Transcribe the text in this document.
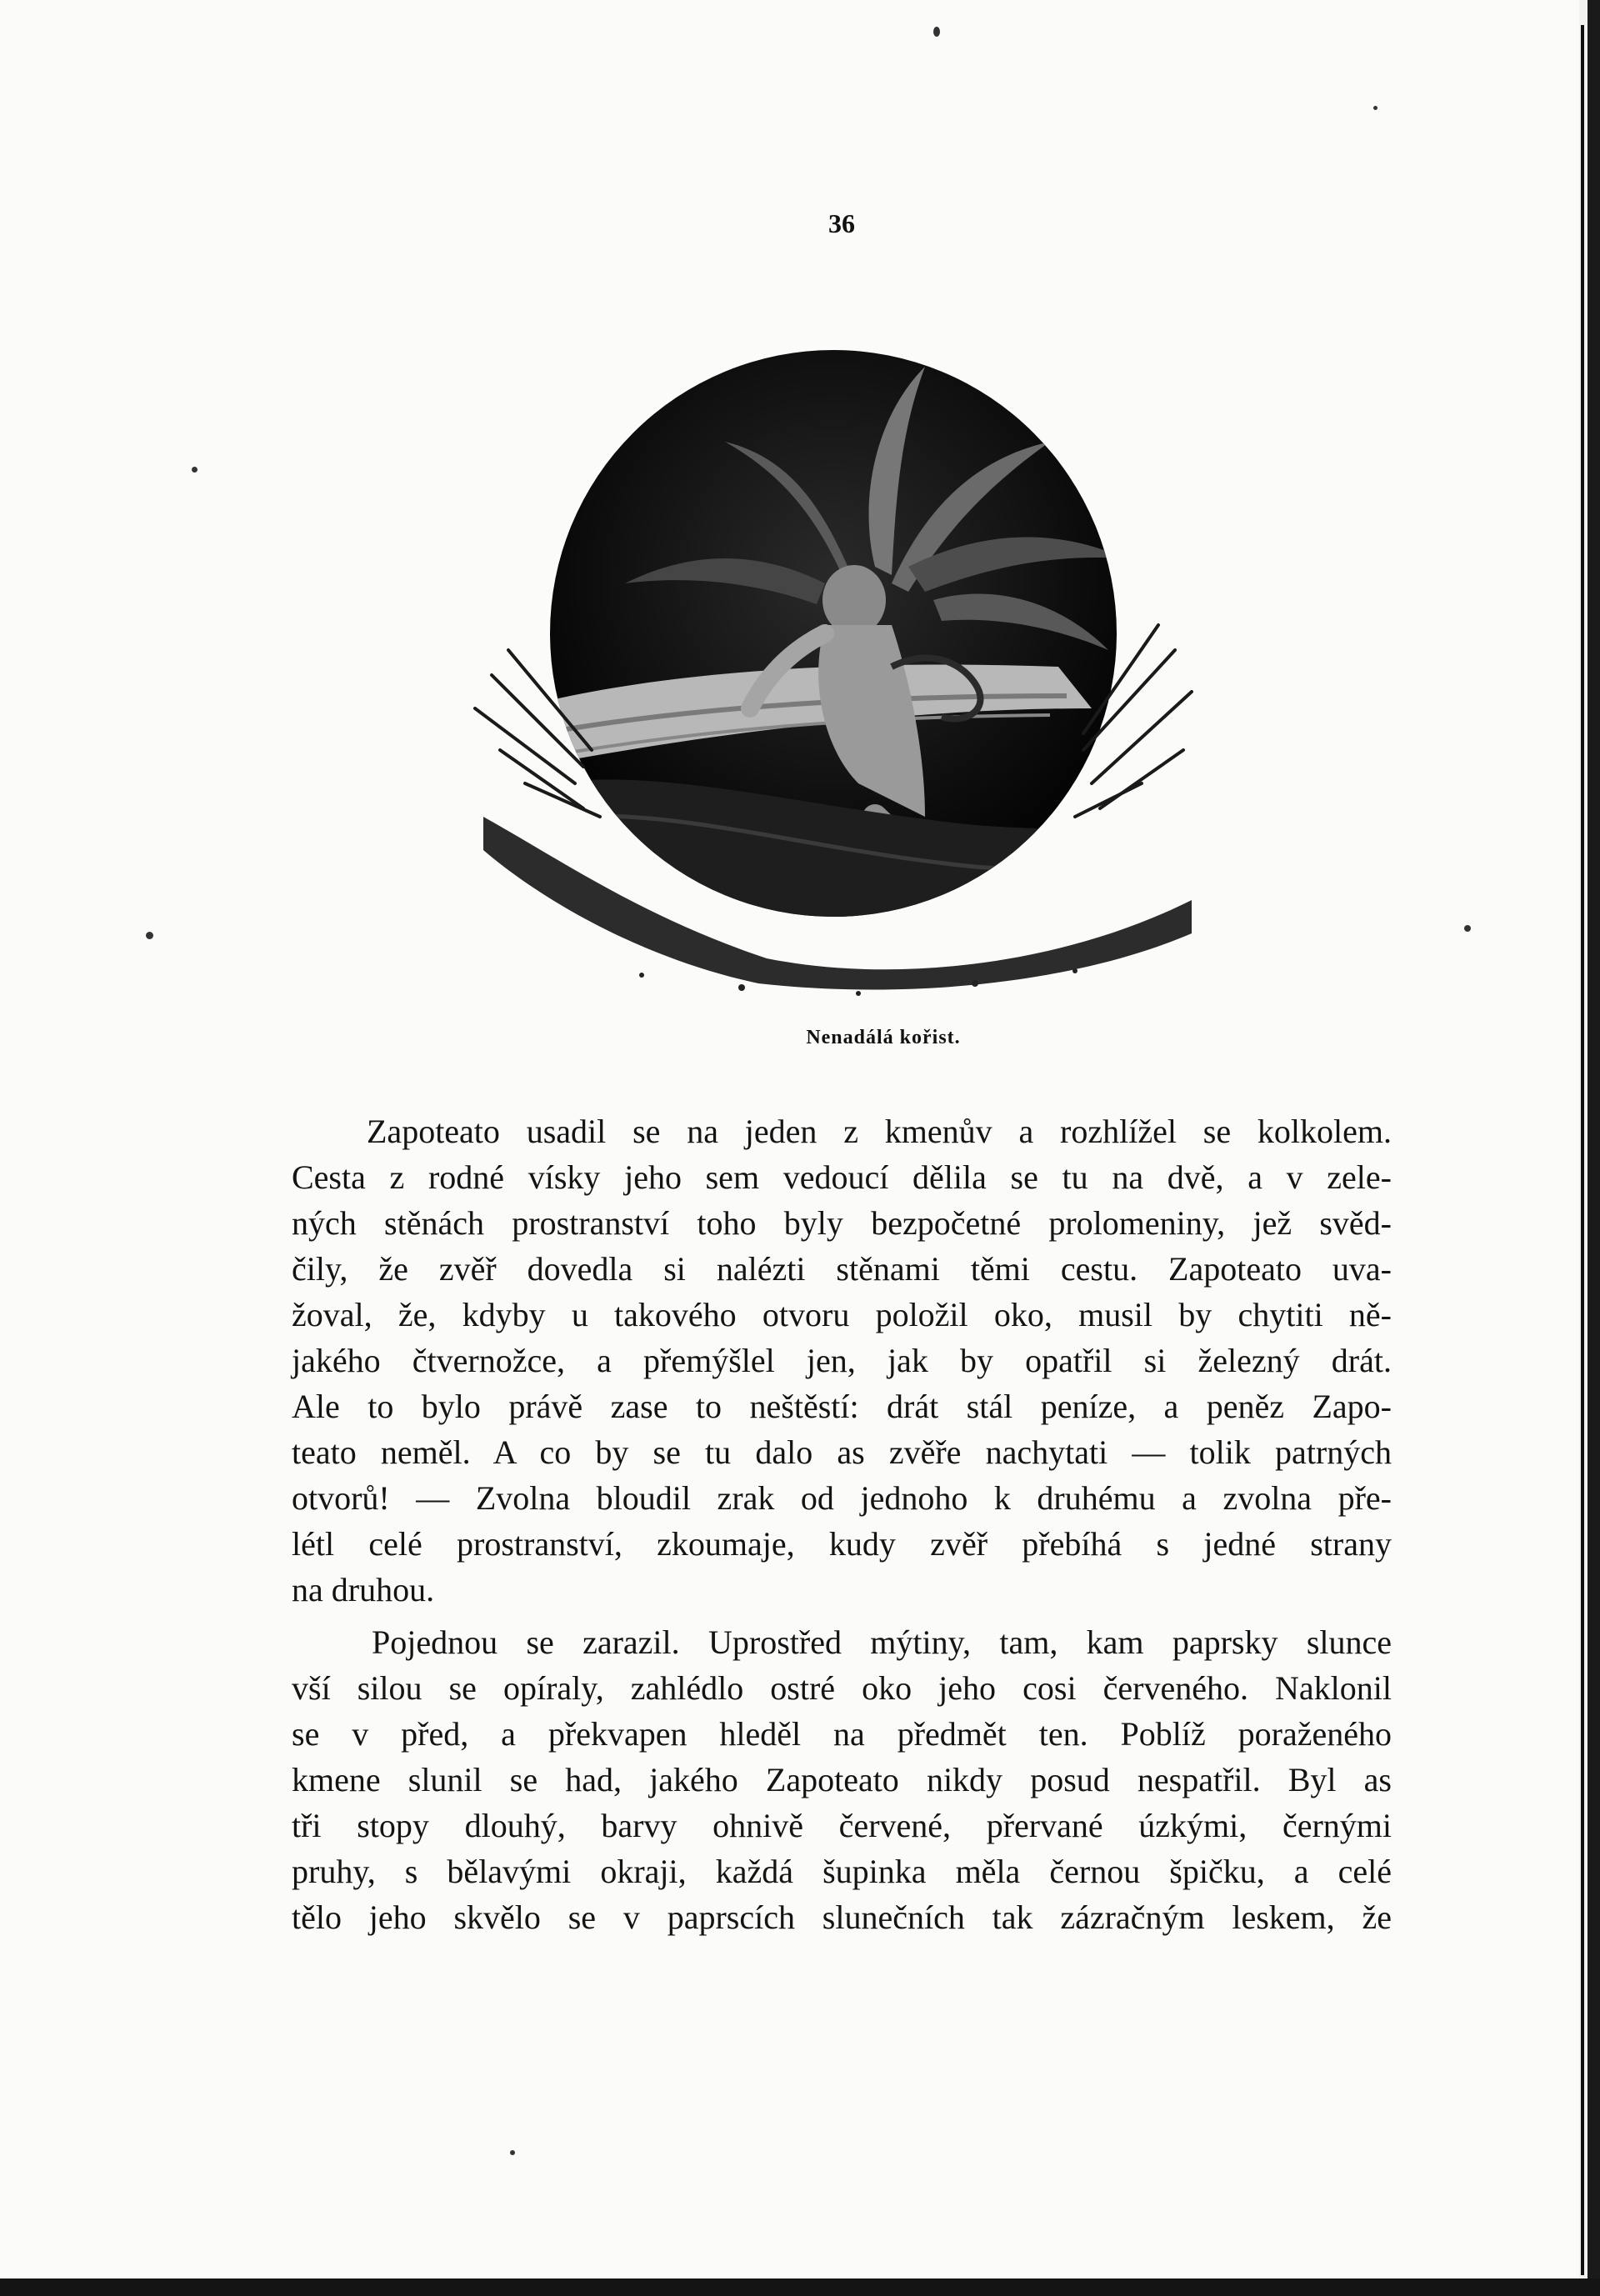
36
Nenadálá kořist.
Zapoteato usadil se na jeden z kmenův a rozhlížel se kolkolem.
Cesta z rodné vísky jeho sem vedoucí dělila se tu na dvě, a v zele-
ných stěnách prostranství toho byly bezpočetné prolomeniny, jež svěd-
čily, že zvěř dovedla si nalézti stěnami těmi cestu. Zapoteato uva-
žoval, že, kdyby u takového otvoru položil oko, musil by chytiti ně-
jakého čtvernožce, a přemýšlel jen, jak by opatřil si železný drát.
Ale to bylo právě zase to neštěstí: drát stál peníze, a peněz Zapo-
teato neměl. A co by se tu dalo as zvěře nachytati — tolik patrných
otvorů! — Zvolna bloudil zrak od jednoho k druhému a zvolna pře-
létl celé prostranství, zkoumaje, kudy zvěř přebíhá s jedné strany
na druhou.
Pojednou se zarazil. Uprostřed mýtiny, tam, kam paprsky slunce
vší silou se opíraly, zahlédlo ostré oko jeho cosi červeného. Naklonil
se v před, a překvapen hleděl na předmět ten. Poblíž poraženého
kmene slunil se had, jakého Zapoteato nikdy posud nespatřil. Byl as
tři stopy dlouhý, barvy ohnivě červené, přervané úzkými, černými
pruhy, s bělavými okraji, každá šupinka měla černou špičku, a celé
tělo jeho skvělo se v paprscích slunečních tak zázračným leskem, že
